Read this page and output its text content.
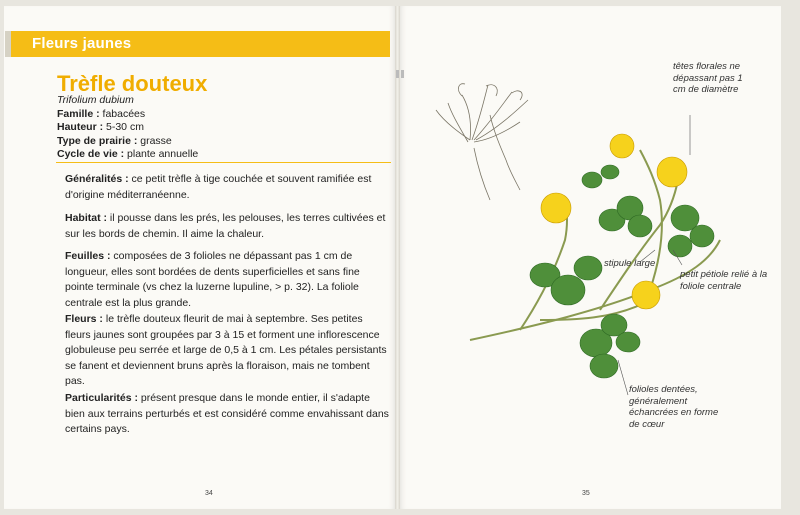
Fleurs jaunes
Trèfle douteux
Trifolium dubium
Famille : fabacées
Hauteur : 5-30 cm
Type de prairie : grasse
Cycle de vie : plante annuelle

Généralités : ce petit trèfle à tige couchée et souvent ramifiée est d'origine méditerranéenne.

Habitat : il pousse dans les prés, les pelouses, les terres cultivées et sur les bords de chemin. Il aime la chaleur.

Feuilles : composées de 3 folioles ne dépassant pas 1 cm de longueur, elles sont bordées de dents superficielles et sans fine pointe terminale (vs chez la luzerne lupuline, > p. 32). La foliole centrale est la plus grande.

Fleurs : le trèfle douteux fleurit de mai à septembre. Ses petites fleurs jaunes sont groupées par 3 à 15 et forment une inflorescence globuleuse peu serrée et large de 0,5 à 1 cm. Les pétales persistants se fanent et deviennent bruns après la floraison, mais ne tombent pas.

Particularités : présent presque dans le monde entier, il s'adapte bien aux terrains perturbés et est considéré comme envahissant dans certains pays.

34
têtes florales ne dépassant pas 1 cm de diamètre
stipule large
petit pétiole relié à la foliole centrale
folioles dentées, généralement échancrées en forme de cœur
35
